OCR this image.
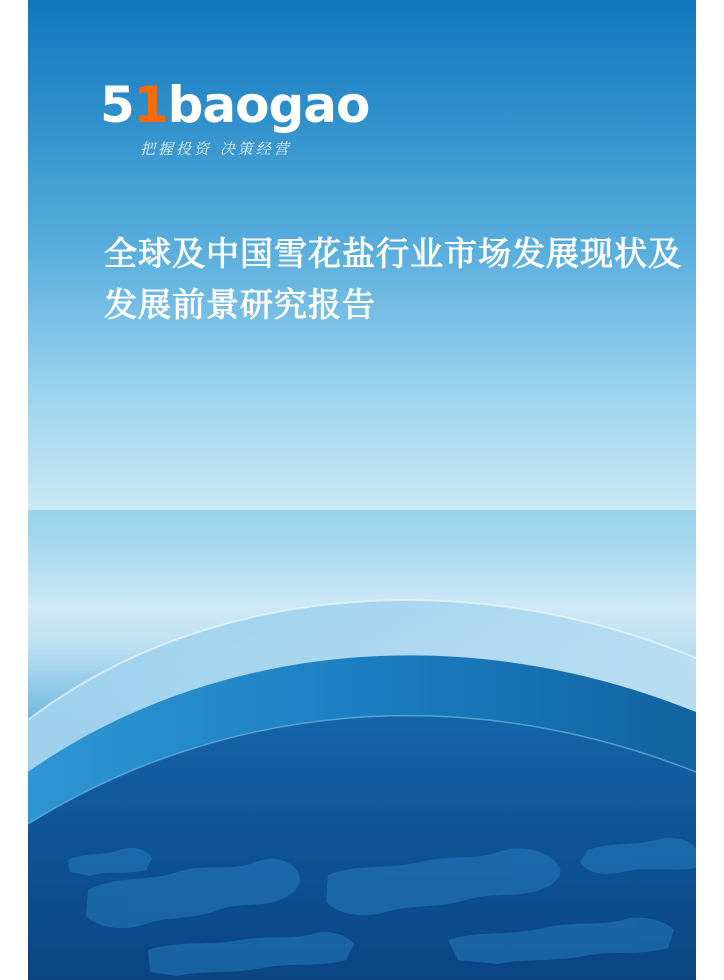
51baogao
把握投资 决策经营
全球及中国雪花盐行业市场发展现状及发展前景研究报告
